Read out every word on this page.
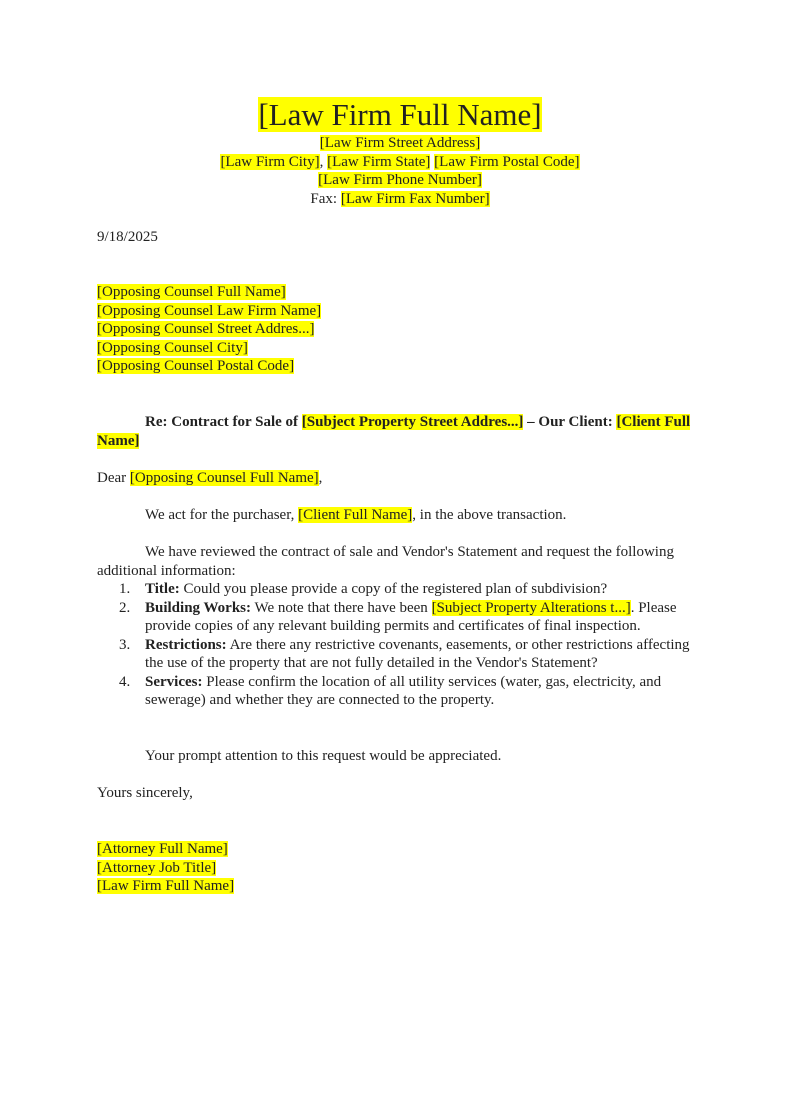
[Law Firm Full Name]
[Law Firm Street Address]
[Law Firm City], [Law Firm State] [Law Firm Postal Code]
[Law Firm Phone Number]
Fax: [Law Firm Fax Number]
9/18/2025
[Opposing Counsel Full Name]
[Opposing Counsel Law Firm Name]
[Opposing Counsel Street Addres...]
[Opposing Counsel City]
[Opposing Counsel Postal Code]
Re: Contract for Sale of [Subject Property Street Addres...] – Our Client: [Client Full Name]
Dear [Opposing Counsel Full Name],
We act for the purchaser, [Client Full Name], in the above transaction.
We have reviewed the contract of sale and Vendor's Statement and request the following additional information:
1. Title: Could you please provide a copy of the registered plan of subdivision?
2. Building Works: We note that there have been [Subject Property Alterations t...]. Please provide copies of any relevant building permits and certificates of final inspection.
3. Restrictions: Are there any restrictive covenants, easements, or other restrictions affecting the use of the property that are not fully detailed in the Vendor's Statement?
4. Services: Please confirm the location of all utility services (water, gas, electricity, and sewerage) and whether they are connected to the property.
Your prompt attention to this request would be appreciated.
Yours sincerely,
[Attorney Full Name]
[Attorney Job Title]
[Law Firm Full Name]
